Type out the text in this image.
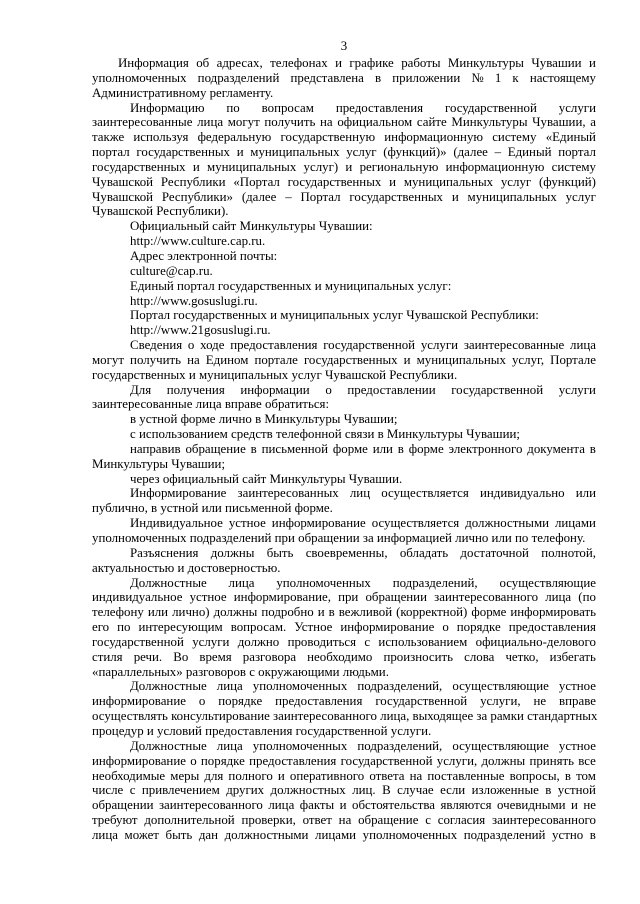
3
Информация об адресах, телефонах и графике работы Минкультуры Чувашии и
уполномоченных подразделений представлена в приложении № 1 к настоящему
Административному регламенту.
Информацию по вопросам предоставления государственной услуги
заинтересованные лица могут получить на официальном сайте Минкультуры Чувашии, а
также используя федеральную государственную информационную систему «Единый
портал государственных и муниципальных услуг (функций)» (далее – Единый портал
государственных и муниципальных услуг) и региональную информационную систему
Чувашской Республики «Портал государственных и муниципальных услуг (функций)
Чувашской Республики» (далее – Портал государственных и муниципальных услуг
Чувашской Республики).
Официальный сайт Минкультуры Чувашии:
http://www.culture.cap.ru.
Адрес электронной почты:
culture@cap.ru.
Единый портал государственных и муниципальных услуг:
http://www.gosuslugi.ru.
Портал государственных и муниципальных услуг Чувашской Республики:
http://www.21gosuslugi.ru.
Сведения о ходе предоставления государственной услуги заинтересованные лица
могут получить на Едином портале государственных и муниципальных услуг, Портале
государственных и муниципальных услуг Чувашской Республики.
Для получения информации о предоставлении государственной услуги
заинтересованные лица вправе обратиться:
в устной форме лично в Минкультуры Чувашии;
с использованием средств телефонной связи в Минкультуры Чувашии;
направив обращение в письменной форме или в форме электронного документа в
Минкультуры Чувашии;
через официальный сайт Минкультуры Чувашии.
Информирование заинтересованных лиц осуществляется индивидуально или
публично, в устной или письменной форме.
Индивидуальное устное информирование осуществляется должностными лицами
уполномоченных подразделений при обращении за информацией лично или по телефону.
Разъяснения должны быть своевременны, обладать достаточной полнотой,
актуальностью и достоверностью.
Должностные лица уполномоченных подразделений, осуществляющие
индивидуальное устное информирование, при обращении заинтересованного лица (по
телефону или лично) должны подробно и в вежливой (корректной) форме информировать
его по интересующим вопросам. Устное информирование о порядке предоставления
государственной услуги должно проводиться с использованием официально-делового
стиля речи. Во время разговора необходимо произносить слова четко, избегать
«параллельных» разговоров с окружающими людьми.
Должностные лица уполномоченных подразделений, осуществляющие устное
информирование о порядке предоставления государственной услуги, не вправе
осуществлять консультирование заинтересованного лица, выходящее за рамки стандартных
процедур и условий предоставления государственной услуги.
Должностные лица уполномоченных подразделений, осуществляющие устное
информирование о порядке предоставления государственной услуги, должны принять все
необходимые меры для полного и оперативного ответа на поставленные вопросы, в том
числе с привлечением других должностных лиц. В случае если изложенные в устной
обращении заинтересованного лица факты и обстоятельства являются очевидными и не
требуют дополнительной проверки, ответ на обращение с согласия заинтересованного
лица может быть дан должностными лицами уполномоченных подразделений устно в
